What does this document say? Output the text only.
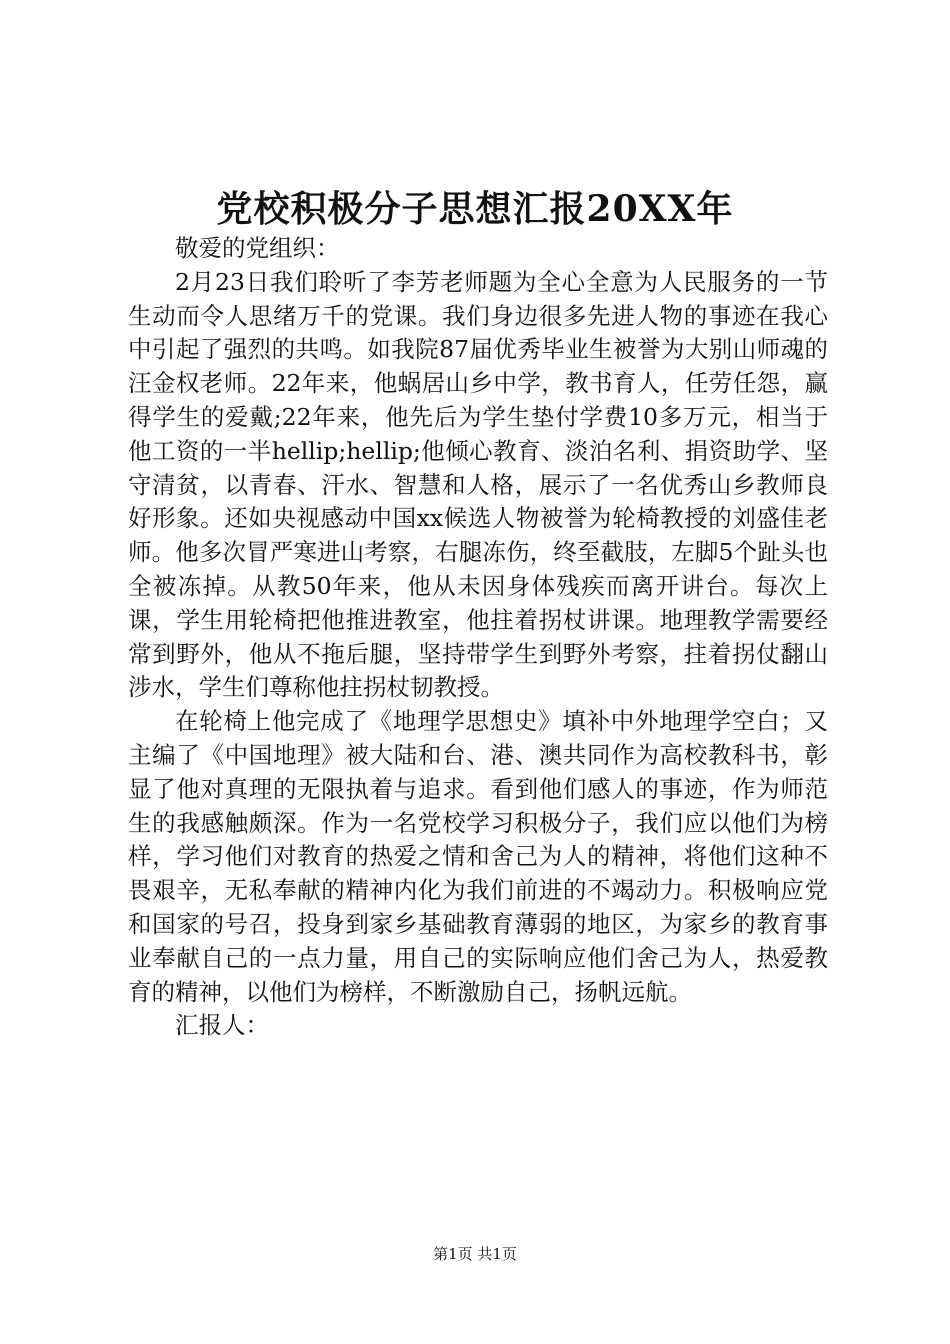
党校积极分子思想汇报20XX年

敬爱的党组织：

2月23日我们聆听了李芳老师题为全心全意为人民服务的一节生动而令人思绪万千的党课。我们身边很多先进人物的事迹在我心中引起了强烈的共鸣。如我院87届优秀毕业生被誉为大别山师魂的汪金权老师。22年来，他蜗居山乡中学，教书育人，任劳任怨，赢得学生的爱戴;22年来，他先后为学生垫付学费10多万元，相当于他工资的一半hellip;hellip;他倾心教育、淡泊名利、捐资助学、坚守清贫，以青春、汗水、智慧和人格，展示了一名优秀山乡教师良好形象。还如央视感动中国xx候选人物被誉为轮椅教授的刘盛佳老师。他多次冒严寒进山考察，右腿冻伤，终至截肢，左脚5个趾头也全被冻掉。从教50年来，他从未因身体残疾而离开讲台。每次上课，学生用轮椅把他推进教室，他拄着拐杖讲课。地理教学需要经常到野外，他从不拖后腿，坚持带学生到野外考察，拄着拐仗翻山涉水，学生们尊称他拄拐杖韧教授。

在轮椅上他完成了《地理学思想史》填补中外地理学空白；又主编了《中国地理》被大陆和台、港、澳共同作为高校教科书，彰显了他对真理的无限执着与追求。看到他们感人的事迹，作为师范生的我感触颇深。作为一名党校学习积极分子，我们应以他们为榜样，学习他们对教育的热爱之情和舍己为人的精神，将他们这种不畏艰辛，无私奉献的精神内化为我们前进的不竭动力。积极响应党和国家的号召，投身到家乡基础教育薄弱的地区，为家乡的教育事业奉献自己的一点力量，用自己的实际响应他们舍己为人，热爱教育的精神，以他们为榜样，不断激励自己，扬帆远航。

汇报人：

第1页 共1页
